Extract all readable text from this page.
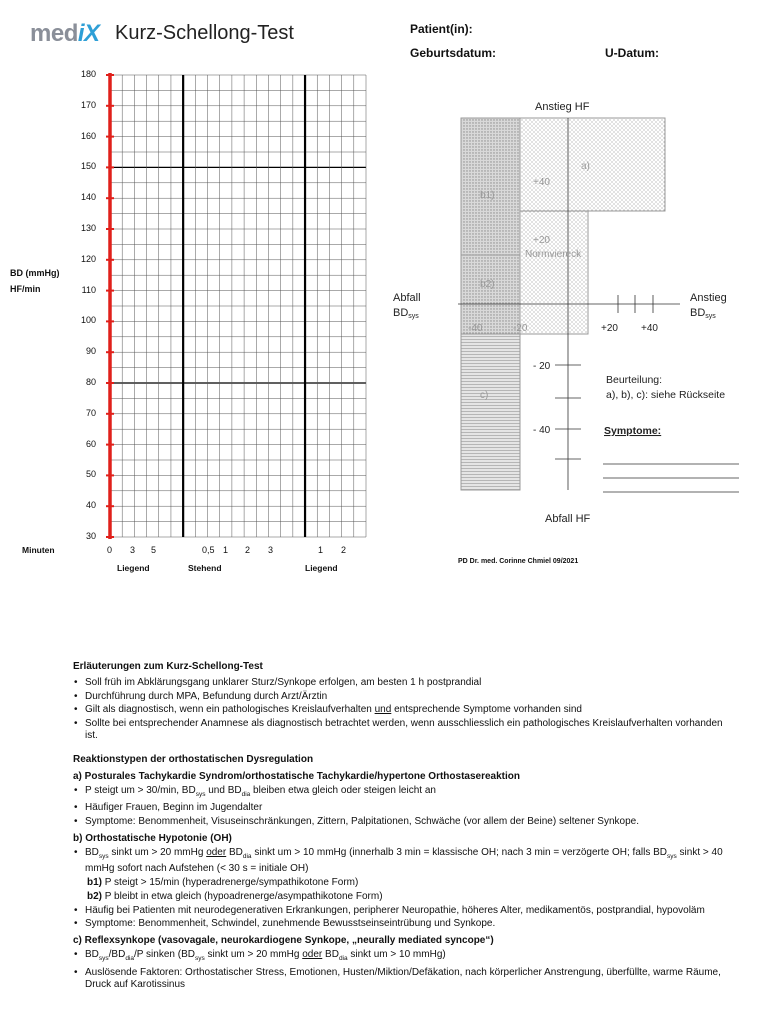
mediX Kurz-Schellong-Test	Patient(in):
Geburtsdatum:	U-Datum:
BD (mmHg)
HF/min
180
170
160
150
140
130
120
110
100
90
80
70
60
50
40
30
Minuten	0 3 5	0,5 1 2 3	1 2
Liegend	Stehend	Liegend
Anstieg HF
Abfall HF
Abfall
BDsys
Anstieg
BDsys
a)
b1)
b2)
c)
+40
+20
Normviereck
-40	-20	+20 +40
- 20
- 40
Beurteilung:
a), b), c): siehe Rückseite
Symptome:
PD Dr. med. Corinne Chmiel 09/2021
Erläuterungen zum Kurz-Schellong-Test
• Soll früh im Abklärungsgang unklarer Sturz/Synkope erfolgen, am besten 1 h postprandial
• Durchführung durch MPA, Befundung durch Arzt/Ärztin
• Gilt als diagnostisch, wenn ein pathologisches Kreislaufverhalten und entsprechende Symptome vorhanden sind
• Sollte bei entsprechender Anamnese als diagnostisch betrachtet werden, wenn ausschliesslich ein pathologisches Kreislaufverhalten vorhanden ist.
Reaktionstypen der orthostatischen Dysregulation
a) Posturales Tachykardie Syndrom/orthostatische Tachykardie/hypertone Orthostasereaktion
• P steigt um > 30/min, $BD_{sys}$ und $BD_{dia}$ bleiben etwa gleich oder steigen leicht an
• Häufiger Frauen, Beginn im Jugendalter
• Symptome: Benommenheit, Visuseinschränkungen, Zittern, Palpitationen, Schwäche (vor allem der Beine) seltener Synkope.
b) Orthostatische Hypotonie (OH)
• $BD_{sys}$ sinkt um > 20 mmHg oder $BD_{dia}$ sinkt um > 10 mmHg (innerhalb 3 min = klassische OH; nach 3 min = verzögerte OH; falls $BD_{sys}$ sinkt > 40 mmHg sofort nach Aufstehen (< 30 s = initiale OH)
b1) P steigt > 15/min (hyperadrenerge/sympathikotone Form)
b2) P bleibt in etwa gleich (hypoadrenerge/asympathikotone Form)
• Häufig bei Patienten mit neurodegenerativen Erkrankungen, peripherer Neuropathie, höheres Alter, medikamentös, postprandial, hypovoläm
• Symptome: Benommenheit, Schwindel, zunehmende Bewusstseinseintrübung und Synkope.
c) Reflexsynkope (vasovagale, neurokardiogene Synkope, „neurally mediated syncope“)
• $BD_{sys}/BD_{dia}/P$ sinken ($BD_{sys}$ sinkt um > 20 mmHg oder $BD_{dia}$ sinkt um > 10 mmHg)
• Auslösende Faktoren: Orthostatischer Stress, Emotionen, Husten/Miktion/Defäkation, nach körperlicher Anstrengung, überfüllte, warme Räume, Druck auf Karotissinus
